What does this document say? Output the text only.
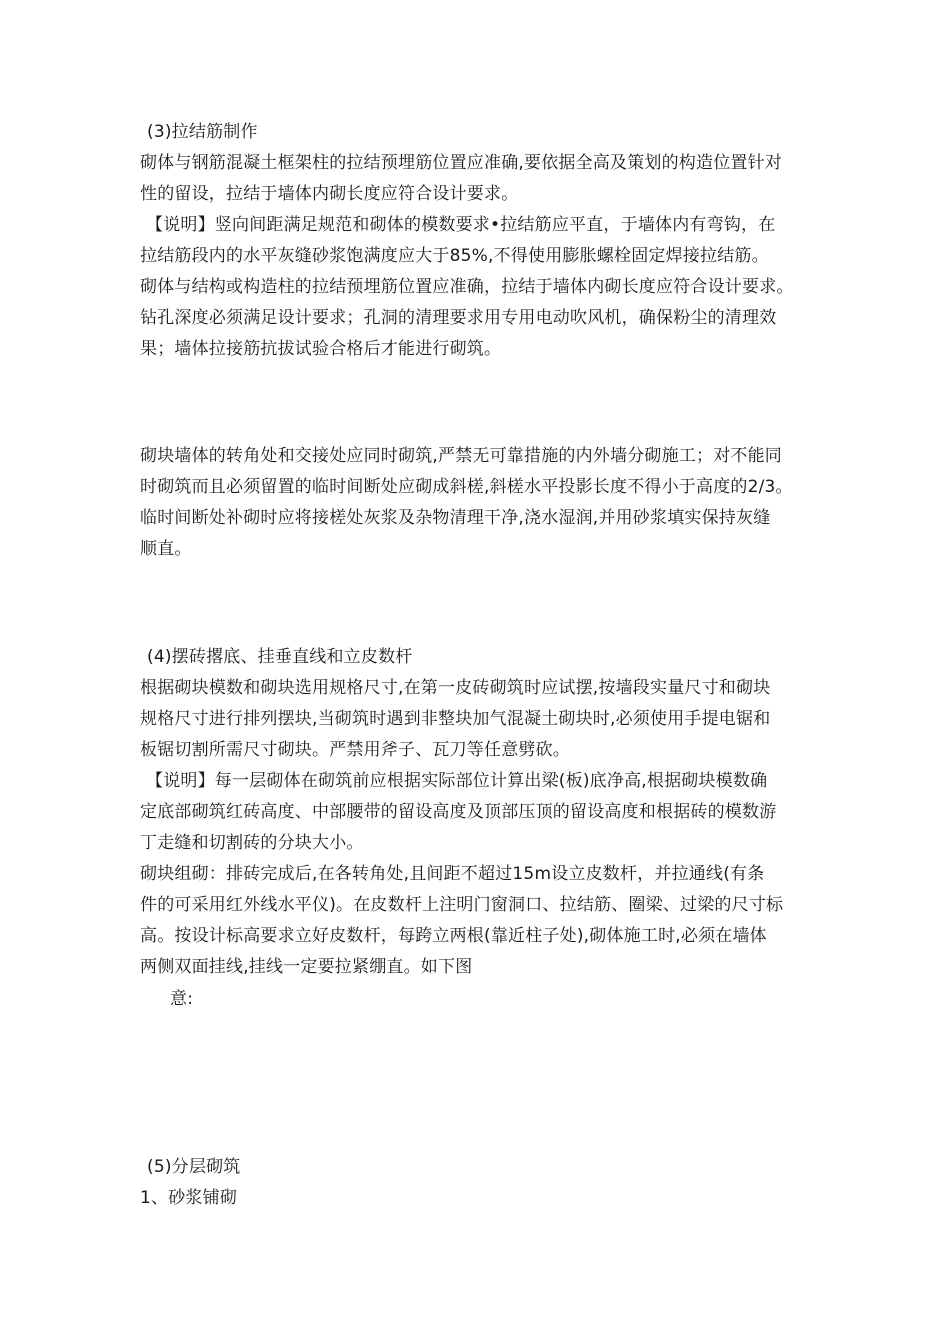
(3)拉结筋制作
砌体与钢筋混凝土框架柱的拉结预埋筋位置应准确,要依据全高及策划的构造位置针对
性的留设，拉结于墙体内砌长度应符合设计要求。
【说明】竖向间距满足规范和砌体的模数要求•拉结筋应平直，于墙体内有弯钩，在
拉结筋段内的水平灰缝砂浆饱满度应大于85%,不得使用膨胀螺栓固定焊接拉结筋。
砌体与结构或构造柱的拉结预埋筋位置应准确，拉结于墙体内砌长度应符合设计要求。
钻孔深度必须满足设计要求；孔洞的清理要求用专用电动吹风机，确保粉尘的清理效
果；墙体拉接筋抗拔试验合格后才能进行砌筑。
砌块墙体的转角处和交接处应同时砌筑,严禁无可靠措施的内外墙分砌施工；对不能同
时砌筑而且必须留置的临时间断处应砌成斜槎,斜槎水平投影长度不得小于高度的2/3。
临时间断处补砌时应将接槎处灰浆及杂物清理干净,浇水湿润,并用砂浆填实保持灰缝
顺直。
(4)摆砖撂底、挂垂直线和立皮数杆
根据砌块模数和砌块选用规格尺寸,在第一皮砖砌筑时应试摆,按墙段实量尺寸和砌块
规格尺寸进行排列摆块,当砌筑时遇到非整块加气混凝土砌块时,必须使用手提电锯和
板锯切割所需尺寸砌块。严禁用斧子、瓦刀等任意劈砍。
【说明】每一层砌体在砌筑前应根据实际部位计算出梁(板)底净高,根据砌块模数确
定底部砌筑红砖高度、中部腰带的留设高度及顶部压顶的留设高度和根据砖的模数游
丁走缝和切割砖的分块大小。
砌块组砌：排砖完成后,在各转角处,且间距不超过15m设立皮数杆，并拉通线(有条
件的可采用红外线水平仪)。在皮数杆上注明门窗洞口、拉结筋、圈梁、过梁的尺寸标
高。按设计标高要求立好皮数杆，每跨立两根(靠近柱子处),砌体施工时,必须在墙体
两侧双面挂线,挂线一定要拉紧绷直。如下图
意:
(5)分层砌筑
1、砂浆铺砌
